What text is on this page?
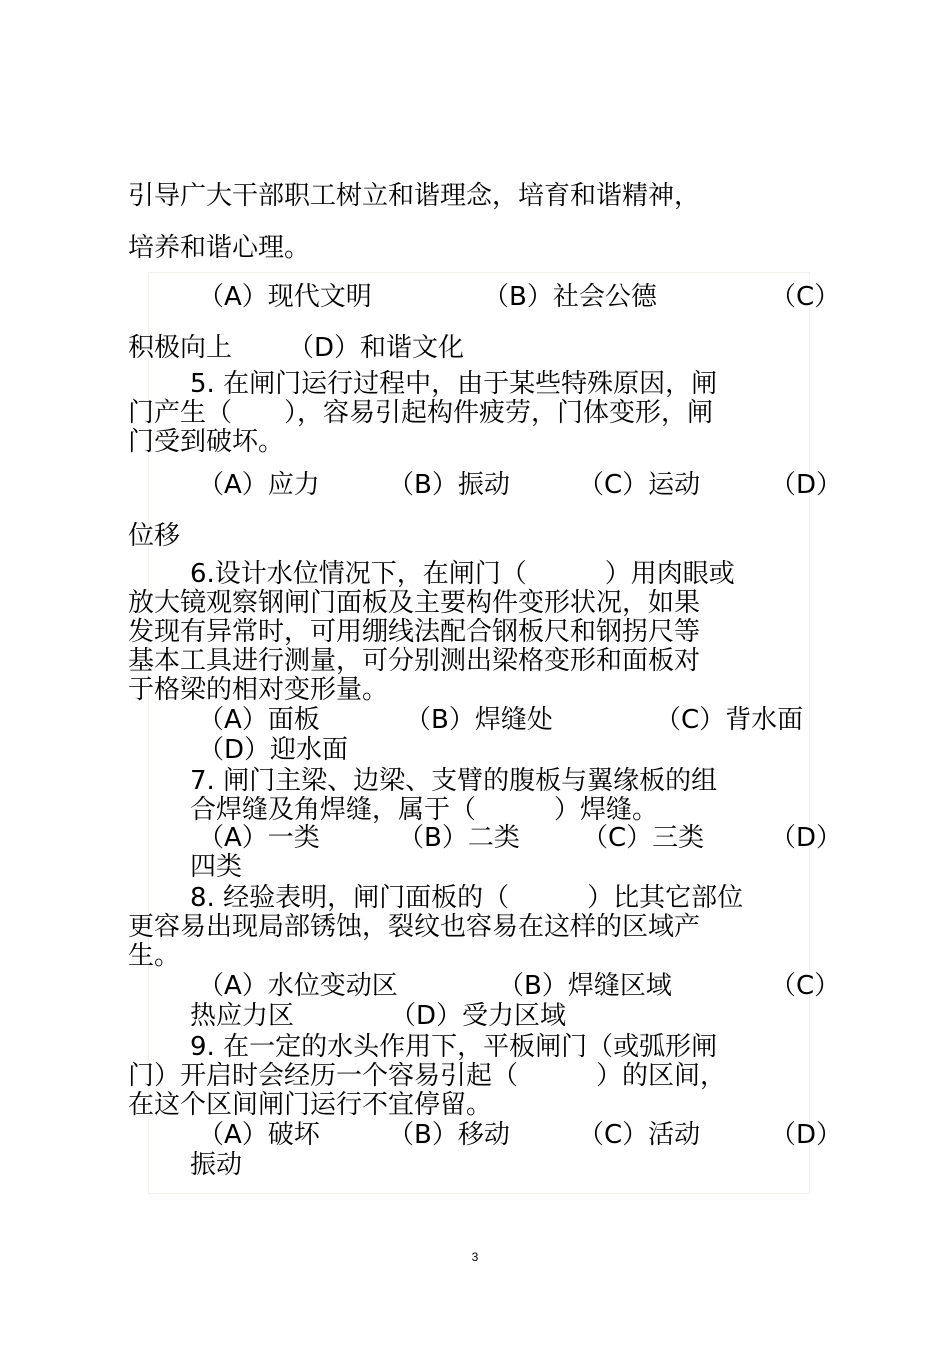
引导广大干部职工树立和谐理念，培育和谐精神，
培养和谐心理。
（A）现代文明	（B）社会公德	（C）
积极向上 （D）和谐文化
5. 在闸门运行过程中，由于某些特殊原因，闸
门产生（　　），容易引起构件疲劳，门体变形，闸
门受到破坏。
（A）应力	（B）振动	（C）运动	（D）
位移
6.设计水位情况下，在闸门（　　　）用肉眼或
放大镜观察钢闸门面板及主要构件变形状况，如果
发现有异常时，可用绷线法配合钢板尺和钢拐尺等
基本工具进行测量，可分别测出梁格变形和面板对
于格梁的相对变形量。
（A）面板	（B）焊缝处	（C）背水面
（D）迎水面
7. 闸门主梁、边梁、支臂的腹板与翼缘板的组
合焊缝及角焊缝，属于（　　　）焊缝。
（A）一类	（B）二类 （C）三类	（D）
四类
8. 经验表明，闸门面板的（　　　）比其它部位
更容易出现局部锈蚀，裂纹也容易在这样的区域产
生。
（A）水位变动区	（B）焊缝区域	（C）
热应力区	（D）受力区域
9. 在一定的水头作用下，平板闸门（或弧形闸
门）开启时会经历一个容易引起（　　　）的区间，
在这个区间闸门运行不宜停留。
（A）破坏	（B）移动	（C）活动	（D）
振动
3
